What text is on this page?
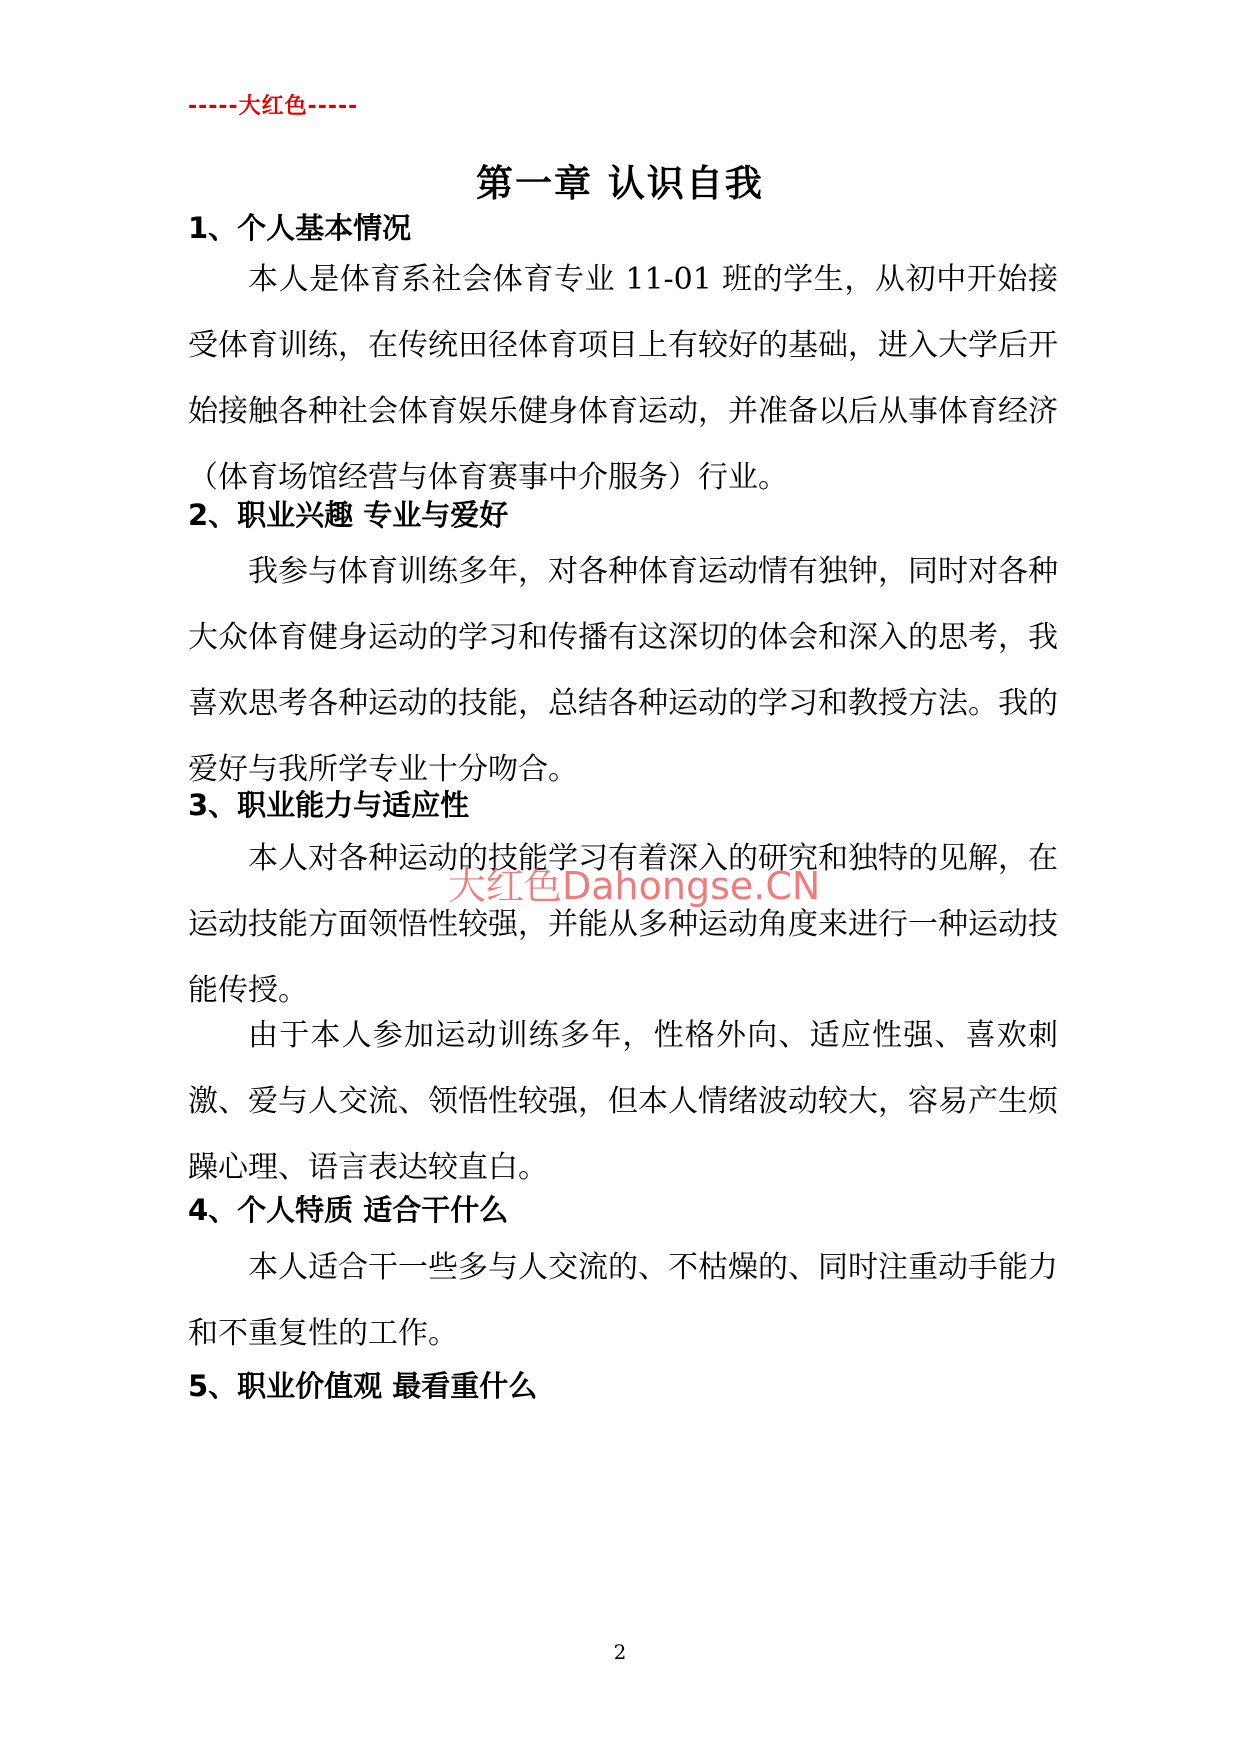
-----大红色-----
第一章 认识自我
1、个人基本情况

本人是体育系社会体育专业 11-01 班的学生，从初中开始接受体育训练，在传统田径体育项目上有较好的基础，进入大学后开始接触各种社会体育娱乐健身体育运动，并准备以后从事体育经济（体育场馆经营与体育赛事中介服务）行业。

2、职业兴趣 专业与爱好

我参与体育训练多年，对各种体育运动情有独钟，同时对各种大众体育健身运动的学习和传播有这深切的体会和深入的思考，我喜欢思考各种运动的技能，总结各种运动的学习和教授方法。我的爱好与我所学专业十分吻合。

3、职业能力与适应性

本人对各种运动的技能学习有着深入的研究和独特的见解，在运动技能方面领悟性较强，并能从多种运动角度来进行一种运动技能传授。

由于本人参加运动训练多年，性格外向、适应性强、喜欢刺激、爱与人交流、领悟性较强，但本人情绪波动较大，容易产生烦躁心理、语言表达较直白。

4、个人特质 适合干什么

本人适合干一些多与人交流的、不枯燥的、同时注重动手能力和不重复性的工作。

5、职业价值观 最看重什么
大红色Dahongse.CN
2
